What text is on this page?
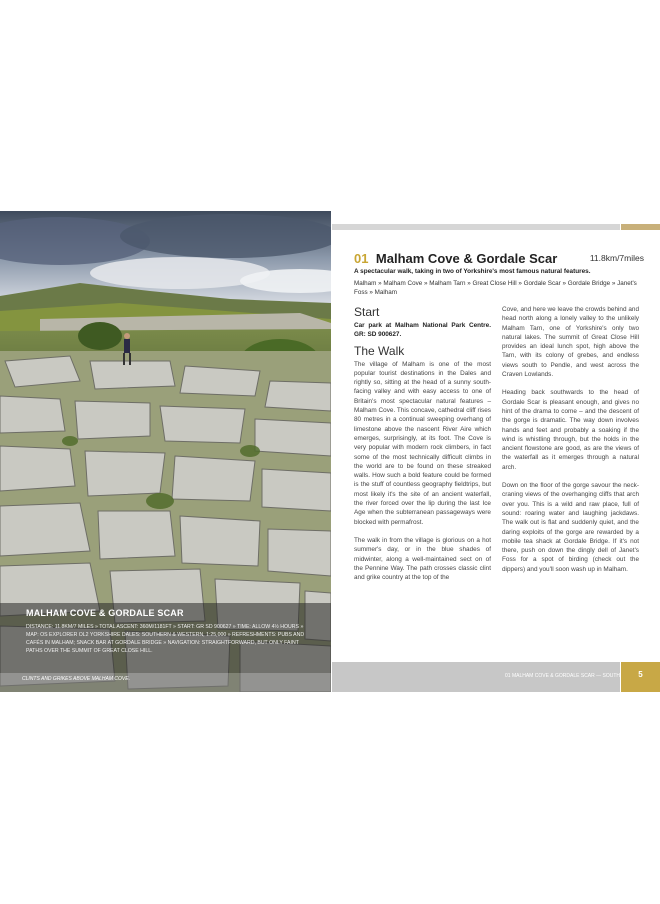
MALHAM COVE & GORDALE SCAR
DISTANCE: 11.8KM/7 MILES » TOTAL ASCENT: 360M/1181FT » START: GR SD 900627 » TIME: ALLOW 4½ HOURS » MAP: OS EXPLORER OL2 YORKSHIRE DALES: SOUTHERN & WESTERN, 1:25,000 » REFRESHMENTS: PUBS AND CAFÉS IN MALHAM; SNACK BAR AT GORDALE BRIDGE » NAVIGATION: STRAIGHTFORWARD, BUT ONLY FAINT PATHS OVER THE SUMMIT OF GREAT CLOSE HILL.
CLINTS AND GRIKES ABOVE MALHAM COVE.
01 Malham Cove & Gordale Scar	11.8km/7miles
A spectacular walk, taking in two of Yorkshire's most famous natural features.
Malham » Malham Cove » Malham Tarn » Great Close Hill » Gordale Scar » Gordale Bridge » Janet's Foss » Malham
Start
Car park at Malham National Park Centre. GR: SD 900627.
The Walk

The village of Malham is one of the most popular tourist destinations in the Dales and rightly so, sitting at the head of a sunny south-facing valley and with easy access to one of Britain's most spectacular natural features – Malham Cove. This concave, cathedral cliff rises 80 metres in a continual sweeping overhang of limestone above the nascent River Aire which emerges, surprisingly, at its foot. The Cove is very popular with modern rock climbers, in fact some of the most technically difficult climbs in the world are to be found on these streaked walls. How such a bold feature could be formed is the stuff of countless geography fieldtrips, but most likely it's the site of an ancient waterfall, the river forced over the lip during the last Ice Age when the subterranean passageways were blocked with permafrost.

The walk in from the village is glorious on a hot summer's day, or in the blue shades of midwinter, along a well-maintained sect on of the Pennine Way. The path crosses classic clint and grike country at the top of the

Cove, and here we leave the crowds behind and head north along a lonely valley to the unlikely Malham Tarn, one of Yorkshire's only two natural lakes. The summit of Great Close Hill provides an ideal lunch spot, high above the Tarn, with its colony of grebes, and endless views south to Pendle, and west across the Craven Lowlands.

Heading back southwards to the head of Gordale Scar is pleasant enough, and gives no hint of the drama to come – and the descent of the gorge is dramatic. The way down involves hands and feet and probably a soaking if the wind is whistling through, but the holds in the ancient flowstone are good, as are the views of the waterfall as it emerges through a natural arch.

Down on the floor of the gorge savour the neck-craning views of the overhanging cliffs that arch over you. This is a wild and raw place, full of sound: roaring water and laughing jackdaws. The walk out is flat and suddenly quiet, and the daring exploits of the gorge are rewarded by a mobile tea shack at Gordale Bridge. If it's not there, push on down the dingly dell of Janet's Foss for a spot of birding (check out the dippers) and you'll soon wash up in Malham.

01 MALHAM COVE & GORDALE SCAR — SOUTH	5
